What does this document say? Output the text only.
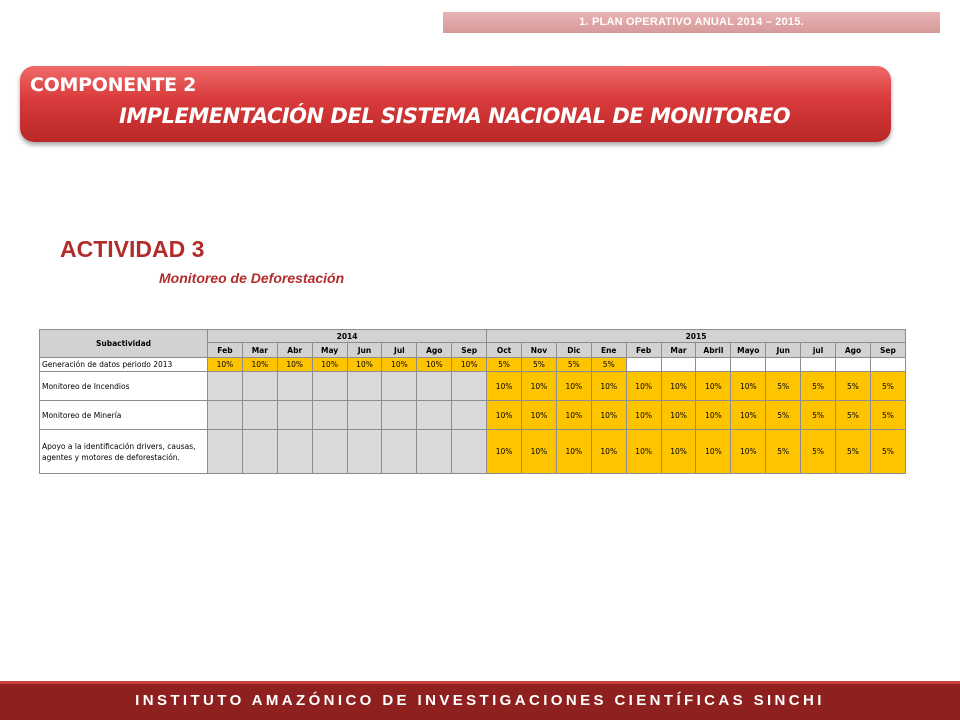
1. PLAN OPERATIVO ANUAL 2014 – 2015.
COMPONENTE 2
IMPLEMENTACIÓN DEL SISTEMA NACIONAL DE MONITOREO
ACTIVIDAD 3
Monitoreo de Deforestación
Subactividad	2014								2015											
	Feb	Mar	Abr	May	Jun	Jul	Ago	Sep	Oct	Nov	Dic	Ene	Feb	Mar	Abril	Mayo	Jun	jul	Ago	Sep
Generación de datos periodo 2013	10%	10%	10%	10%	10%	10%	10%	10%	5%	5%	5%	5%								
Monitoreo de Incendios									10%	10%	10%	10%	10%	10%	10%	10%	5%	5%	5%	5%
Monitoreo de Minería									10%	10%	10%	10%	10%	10%	10%	10%	5%	5%	5%	5%
Apoyo a la identificación drivers, causas, agentes y motores de deforestación.									10%	10%	10%	10%	10%	10%	10%	10%	5%	5%	5%	5%
INSTITUTO AMAZÓNICO DE INVESTIGACIONES CIENTÍFICAS SINCHI
